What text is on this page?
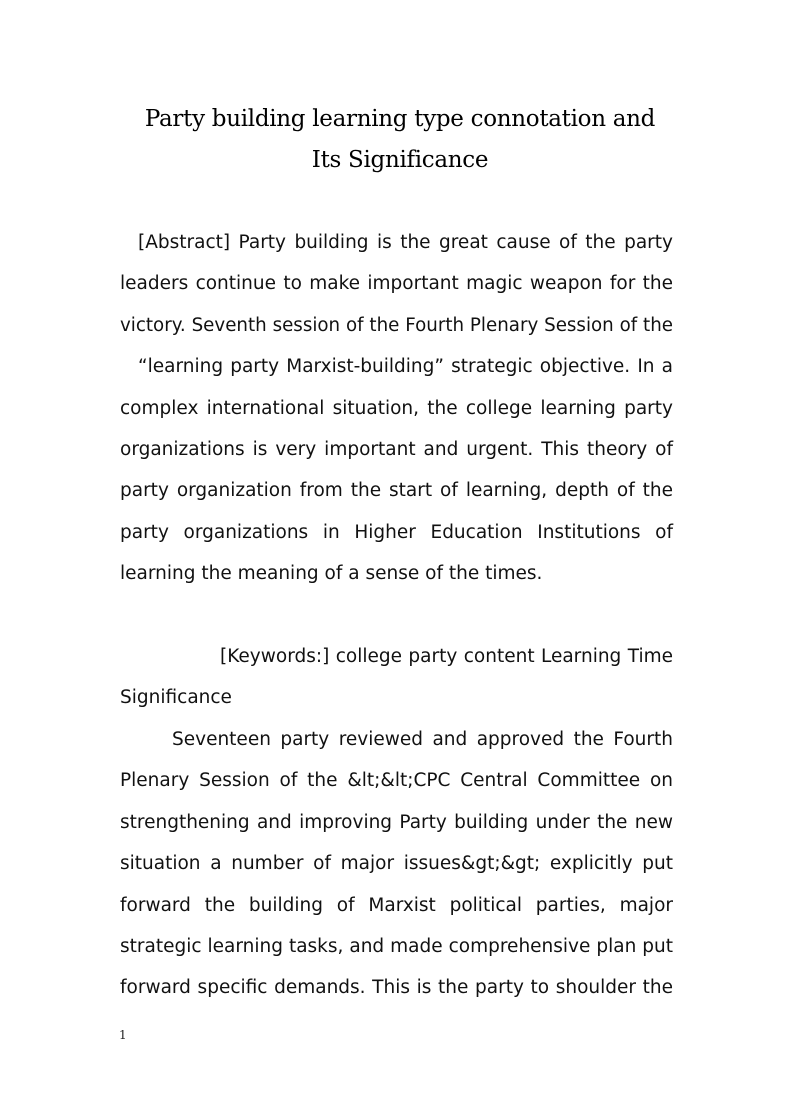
Party building learning type connotation and
Its Significance
[Abstract] Party building is the great cause of the party
leaders continue to make important magic weapon for the
victory. Seventh session of the Fourth Plenary Session of the
“learning party Marxist-building” strategic objective. In a
complex international situation, the college learning party
organizations is very important and urgent. This theory of
party organization from the start of learning, depth of the
party organizations in Higher Education Institutions of
learning the meaning of a sense of the times.
[Keywords:] college party content Learning Time
Significance
Seventeen party reviewed and approved the Fourth
Plenary Session of the &lt;&lt;CPC Central Committee on
strengthening and improving Party building under the new
situation a number of major issues&gt;&gt; explicitly put
forward the building of Marxist political parties, major
strategic learning tasks, and made comprehensive plan put
forward specific demands. This is the party to shoulder the
1
